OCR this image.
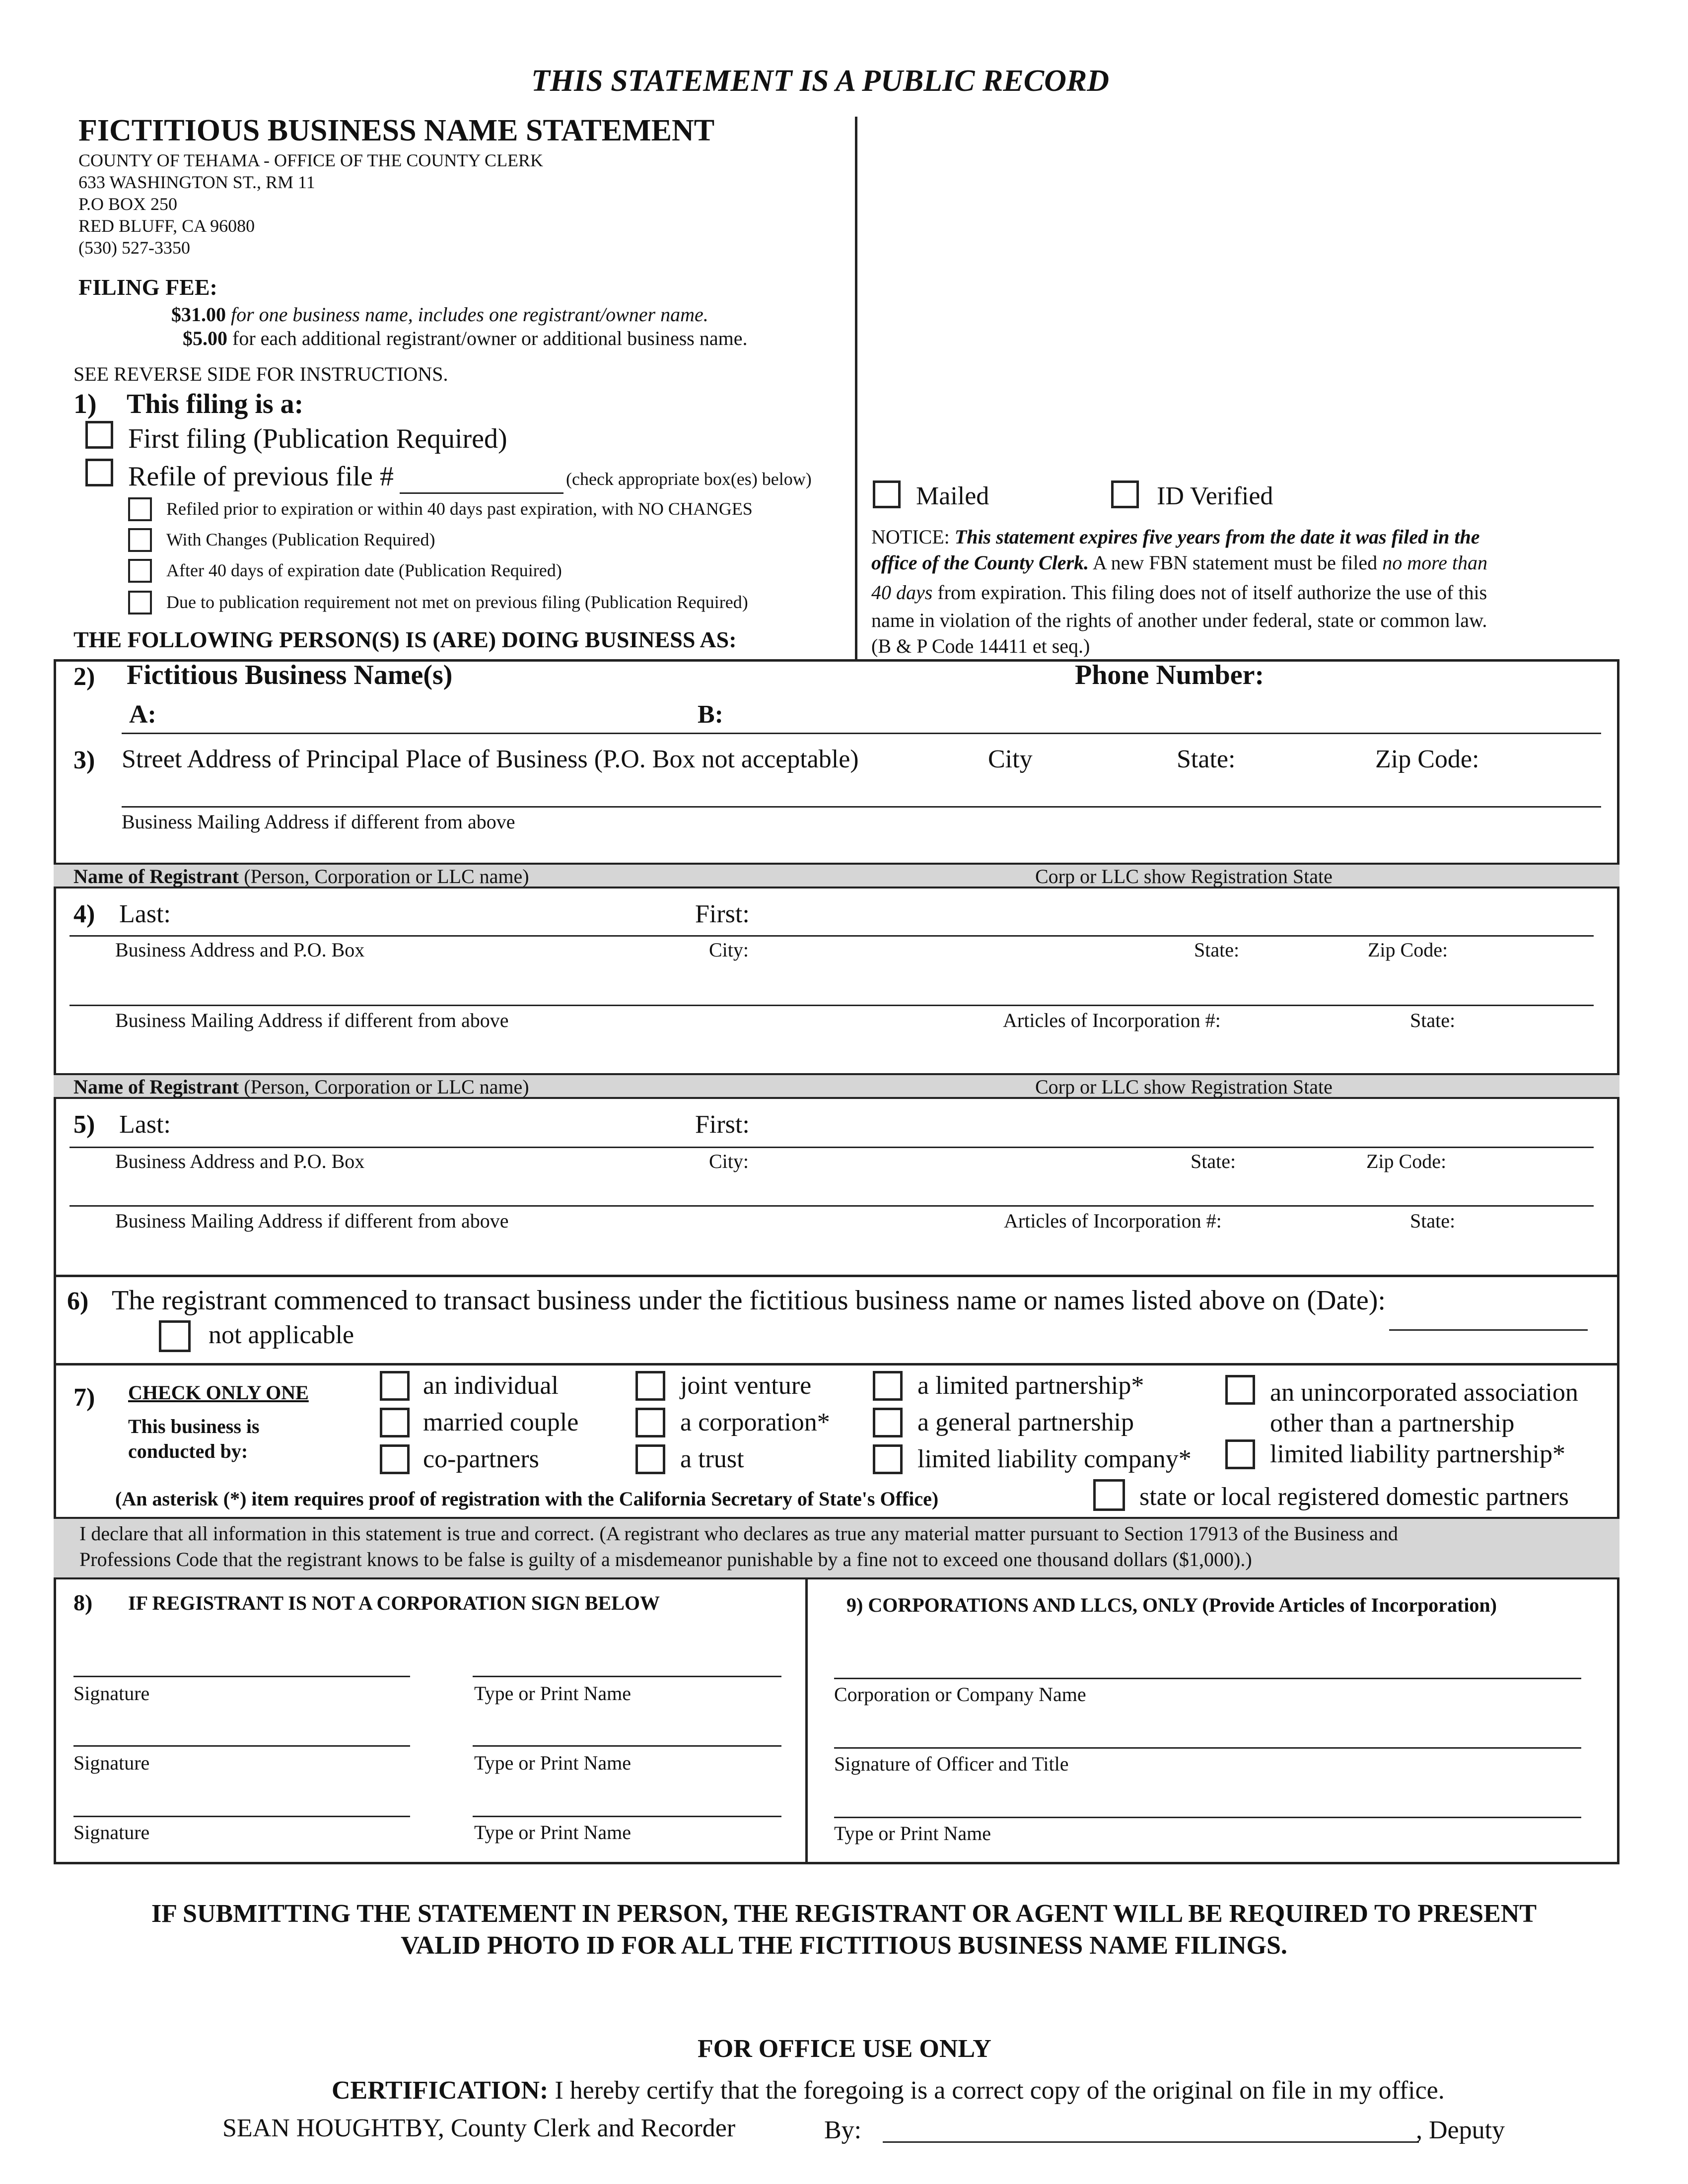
THIS STATEMENT IS A PUBLIC RECORD
FICTITIOUS BUSINESS NAME STATEMENT
COUNTY OF TEHAMA - OFFICE OF THE COUNTY CLERK
633 WASHINGTON ST., RM 11
P.O BOX 250
RED BLUFF, CA 96080
(530) 527-3350
FILING FEE:
$31.00 for one business name, includes one registrant/owner name.
$5.00 for each additional registrant/owner or additional business name.
SEE REVERSE SIDE FOR INSTRUCTIONS.
1) This filing is a:
First filing (Publication Required)
Refile of previous file #	(check appropriate box(es) below)
Refiled prior to expiration or within 40 days past expiration, with NO CHANGES
With Changes (Publication Required)
After 40 days of expiration date (Publication Required)
Due to publication requirement not met on previous filing (Publication Required)
THE FOLLOWING PERSON(S) IS (ARE) DOING BUSINESS AS:
Mailed	ID Verified
NOTICE: This statement expires five years from the date it was filed in the
office of the County Clerk. A new FBN statement must be filed no more than
40 days from expiration. This filing does not of itself authorize the use of this
name in violation of the rights of another under federal, state or common law.
(B & P Code 14411 et seq.)
2) Fictitious Business Name(s)	Phone Number:
A:	B:
3) Street Address of Principal Place of Business (P.O. Box not acceptable)	City	State:	Zip Code:
Business Mailing Address if different from above
Name of Registrant (Person, Corporation or LLC name)	Corp or LLC show Registration State
4) Last:	First:
Business Address and P.O. Box	City:	State:	Zip Code:
Business Mailing Address if different from above	Articles of Incorporation #:	State:
Name of Registrant (Person, Corporation or LLC name)	Corp or LLC show Registration State
5) Last:	First:
Business Address and P.O. Box	City:	State:	Zip Code:
Business Mailing Address if different from above	Articles of Incorporation #:	State:
6) The registrant commenced to transact business under the fictitious business name or names listed above on (Date):
not applicable
7) CHECK ONLY ONE
This business is
conducted by:
an individual
married couple
co-partners
joint venture
a corporation*
a trust
a limited partnership*
a general partnership
limited liability company*
an unincorporated association
other than a partnership
limited liability partnership*
(An asterisk (*) item requires proof of registration with the California Secretary of State's Office)	state or local registered domestic partners
I declare that all information in this statement is true and correct. (A registrant who declares as true any material matter pursuant to Section 17913 of the Business and
Professions Code that the registrant knows to be false is guilty of a misdemeanor punishable by a fine not to exceed one thousand dollars ($1,000).)
8) IF REGISTRANT IS NOT A CORPORATION SIGN BELOW
Signature	Type or Print Name
Signature	Type or Print Name
Signature	Type or Print Name
9) CORPORATIONS AND LLCS, ONLY (Provide Articles of Incorporation)
Corporation or Company Name
Signature of Officer and Title
Type or Print Name
IF SUBMITTING THE STATEMENT IN PERSON, THE REGISTRANT OR AGENT WILL BE REQUIRED TO PRESENT
VALID PHOTO ID FOR ALL THE FICTITIOUS BUSINESS NAME FILINGS.
FOR OFFICE USE ONLY
CERTIFICATION: I hereby certify that the foregoing is a correct copy of the original on file in my office.
SEAN HOUGHTBY, County Clerk and Recorder	By:	, Deputy
